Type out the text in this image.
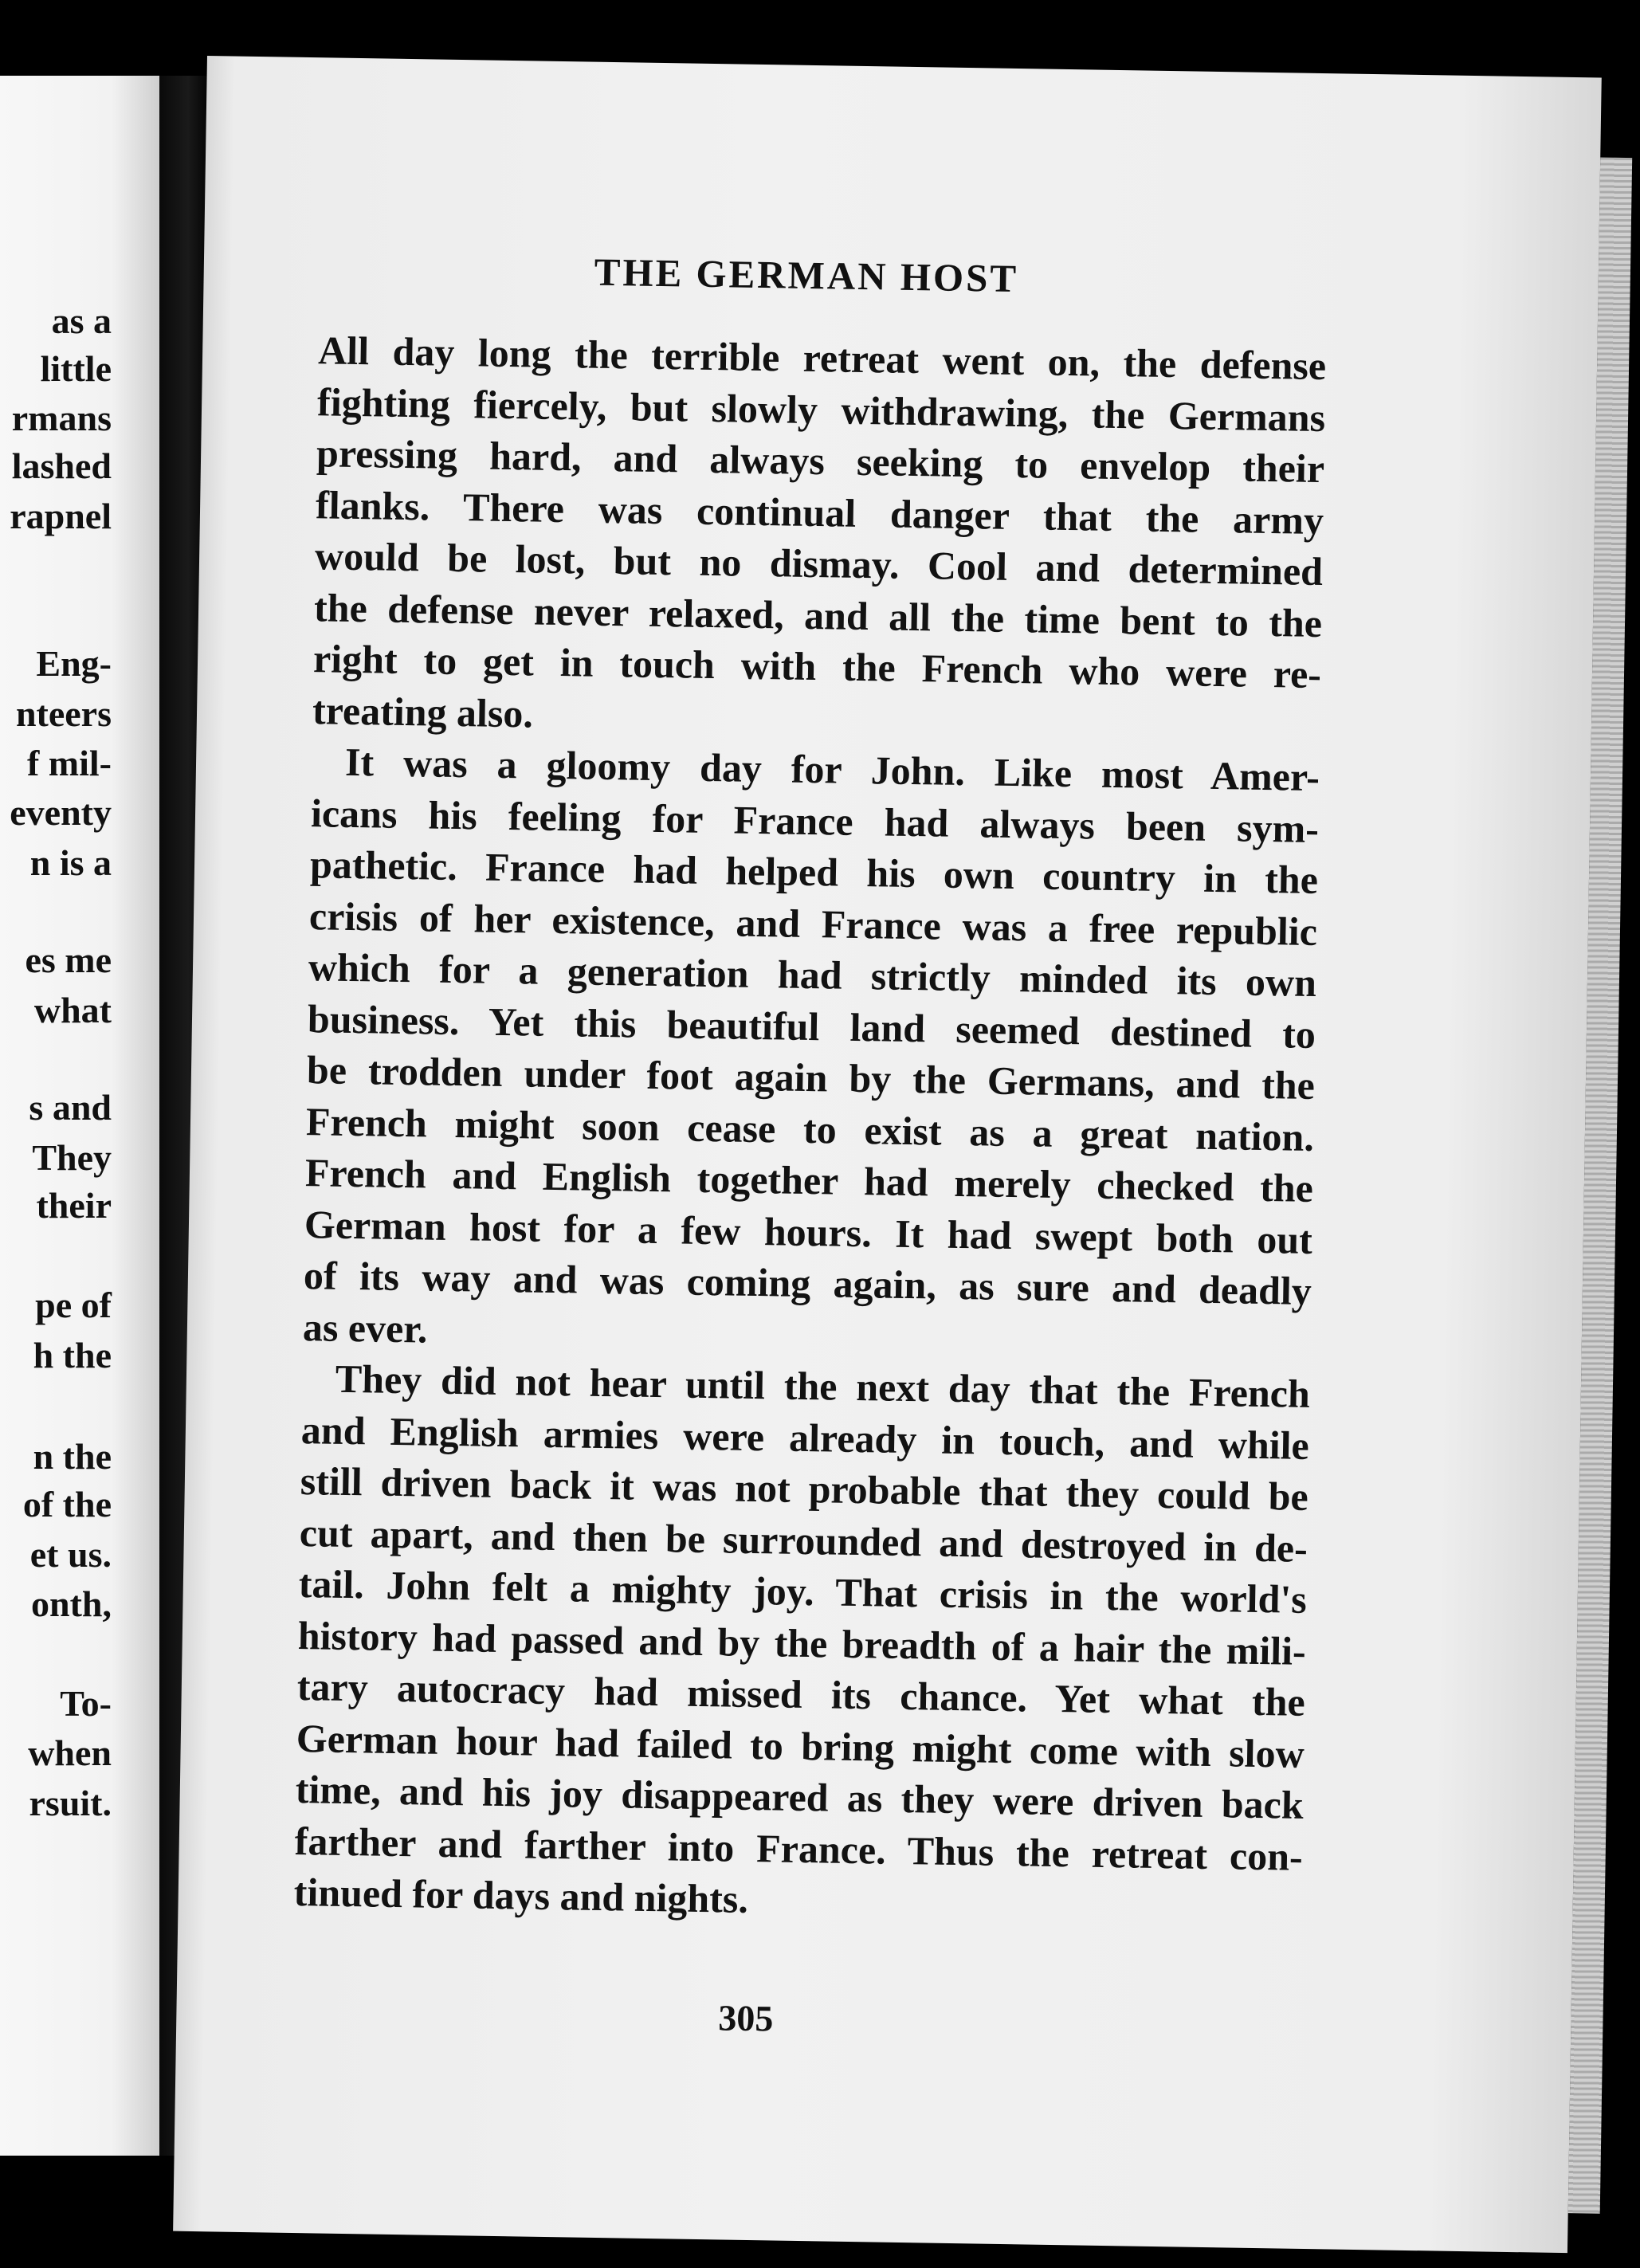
as a
little
rmans
lashed
rapnel
Eng-
nteers
f mil-
eventy
n is a
es me
what
s and
They
their
pe of
h the
n the
of the
et us.
onth,
To-
when
rsuit.
THE GERMAN HOST
All day long the terrible retreat went on, the defense
fighting fiercely, but slowly withdrawing, the Germans
pressing hard, and always seeking to envelop their
flanks. There was continual danger that the army
would be lost, but no dismay. Cool and determined
the defense never relaxed, and all the time bent to the
right to get in touch with the French who were re-
treating also.
It was a gloomy day for John. Like most Amer-
icans his feeling for France had always been sym-
pathetic. France had helped his own country in the
crisis of her existence, and France was a free republic
which for a generation had strictly minded its own
business. Yet this beautiful land seemed destined to
be trodden under foot again by the Germans, and the
French might soon cease to exist as a great nation.
French and English together had merely checked the
German host for a few hours. It had swept both out
of its way and was coming again, as sure and deadly
as ever.
They did not hear until the next day that the French
and English armies were already in touch, and while
still driven back it was not probable that they could be
cut apart, and then be surrounded and destroyed in de-
tail. John felt a mighty joy. That crisis in the world's
history had passed and by the breadth of a hair the mili-
tary autocracy had missed its chance. Yet what the
German hour had failed to bring might come with slow
time, and his joy disappeared as they were driven back
farther and farther into France. Thus the retreat con-
tinued for days and nights.
305
